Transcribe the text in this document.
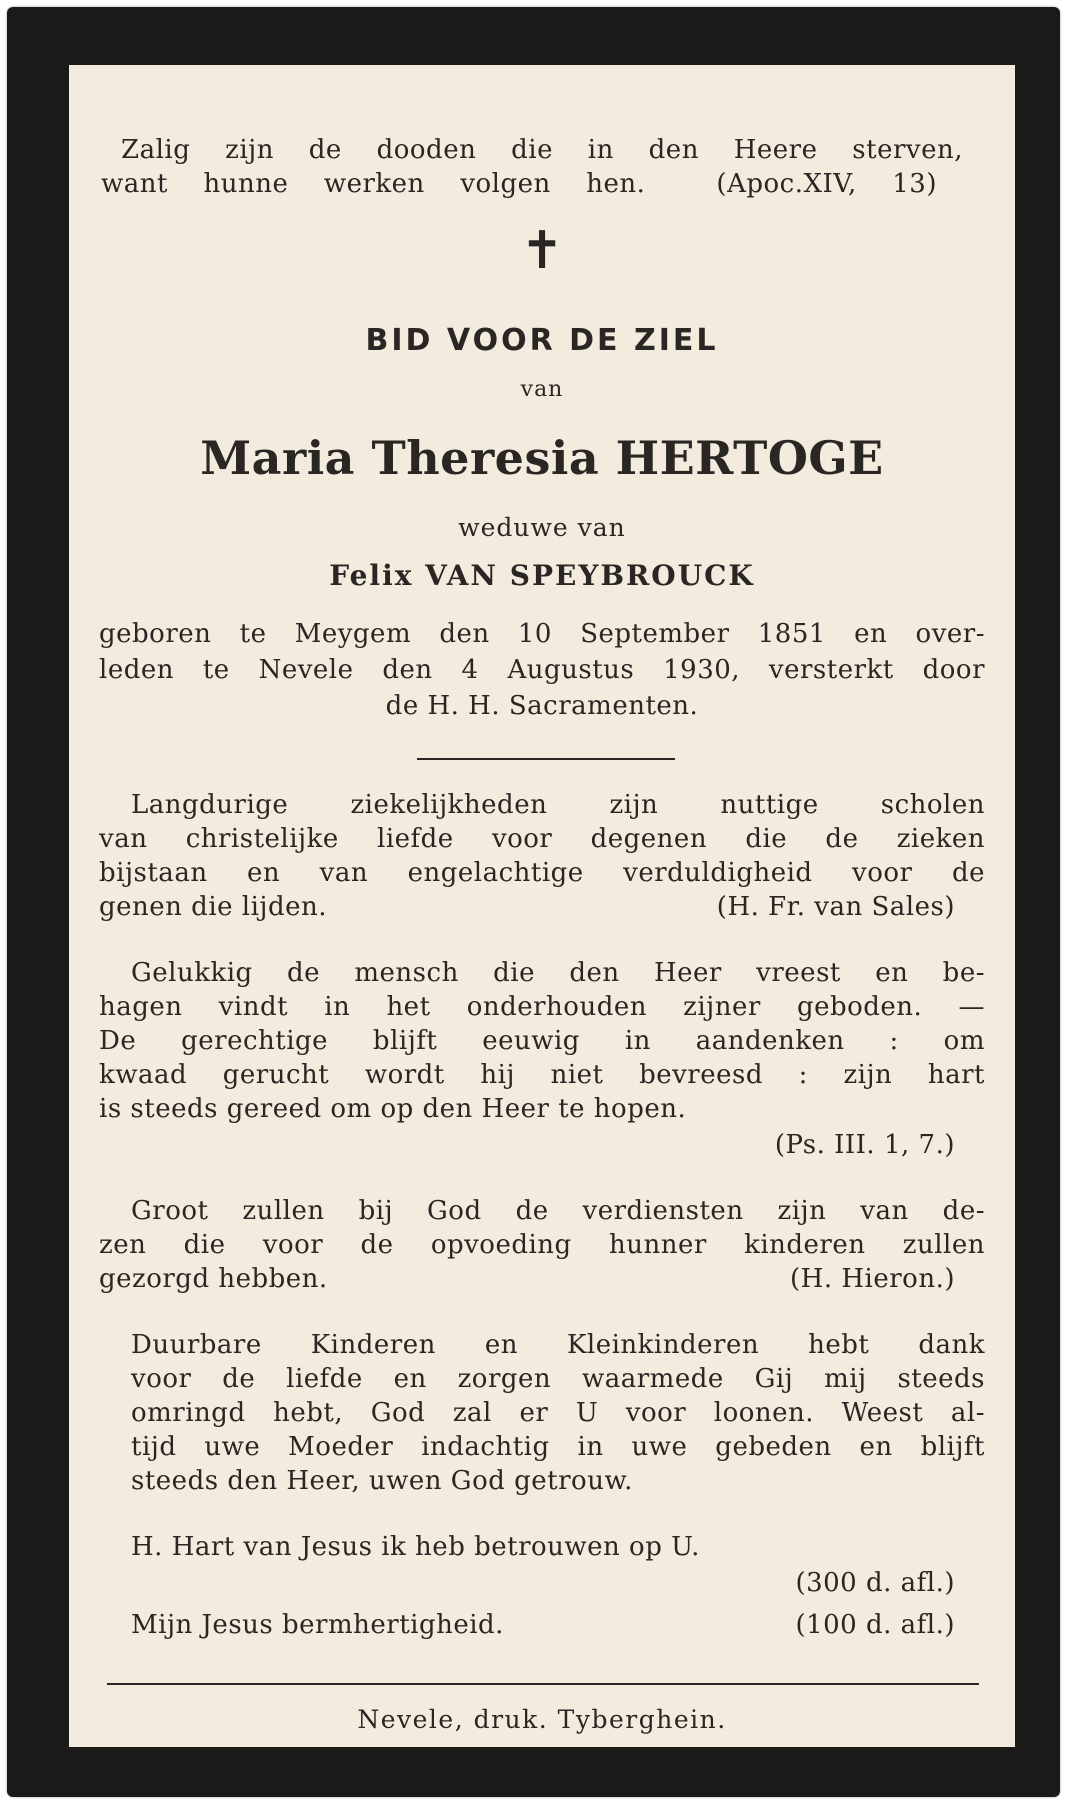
Zalig zijn de dooden die in den Heere sterven,
want hunne werken volgen hen.  (Apoc.XIV, 13)
✝
BID VOOR DE ZIEL
van
Maria Theresia HERTOGE
weduwe van
Felix VAN SPEYBROUCK
geboren te Meygem den 10 September 1851 en over-
leden te Nevele den 4 Augustus 1930, versterkt door
de H. H. Sacramenten.
Langdurige ziekelijkheden zijn nuttige scholen
van christelijke liefde voor degenen die de zieken
bijstaan en van engelachtige verduldigheid voor de
genen die lijden.	(H. Fr. van Sales)
Gelukkig de mensch die den Heer vreest en be-
hagen vindt in het onderhouden zijner geboden. —
De gerechtige blijft eeuwig in aandenken : om
kwaad gerucht wordt hij niet bevreesd : zijn hart
is steeds gereed om op den Heer te hopen.
(Ps. III. 1, 7.)
Groot zullen bij God de verdiensten zijn van de-
zen die voor de opvoeding hunner kinderen zullen
gezorgd hebben.	(H. Hieron.)
Duurbare Kinderen en Kleinkinderen hebt dank
voor de liefde en zorgen waarmede Gij mij steeds
omringd hebt, God zal er U voor loonen. Weest al-
tijd uwe Moeder indachtig in uwe gebeden en blijft
steeds den Heer, uwen God getrouw.
H. Hart van Jesus ik heb betrouwen op U.
(300 d. afl.)
Mijn Jesus bermhertigheid.	(100 d. afl.)
Nevele, druk. Tyberghein.
